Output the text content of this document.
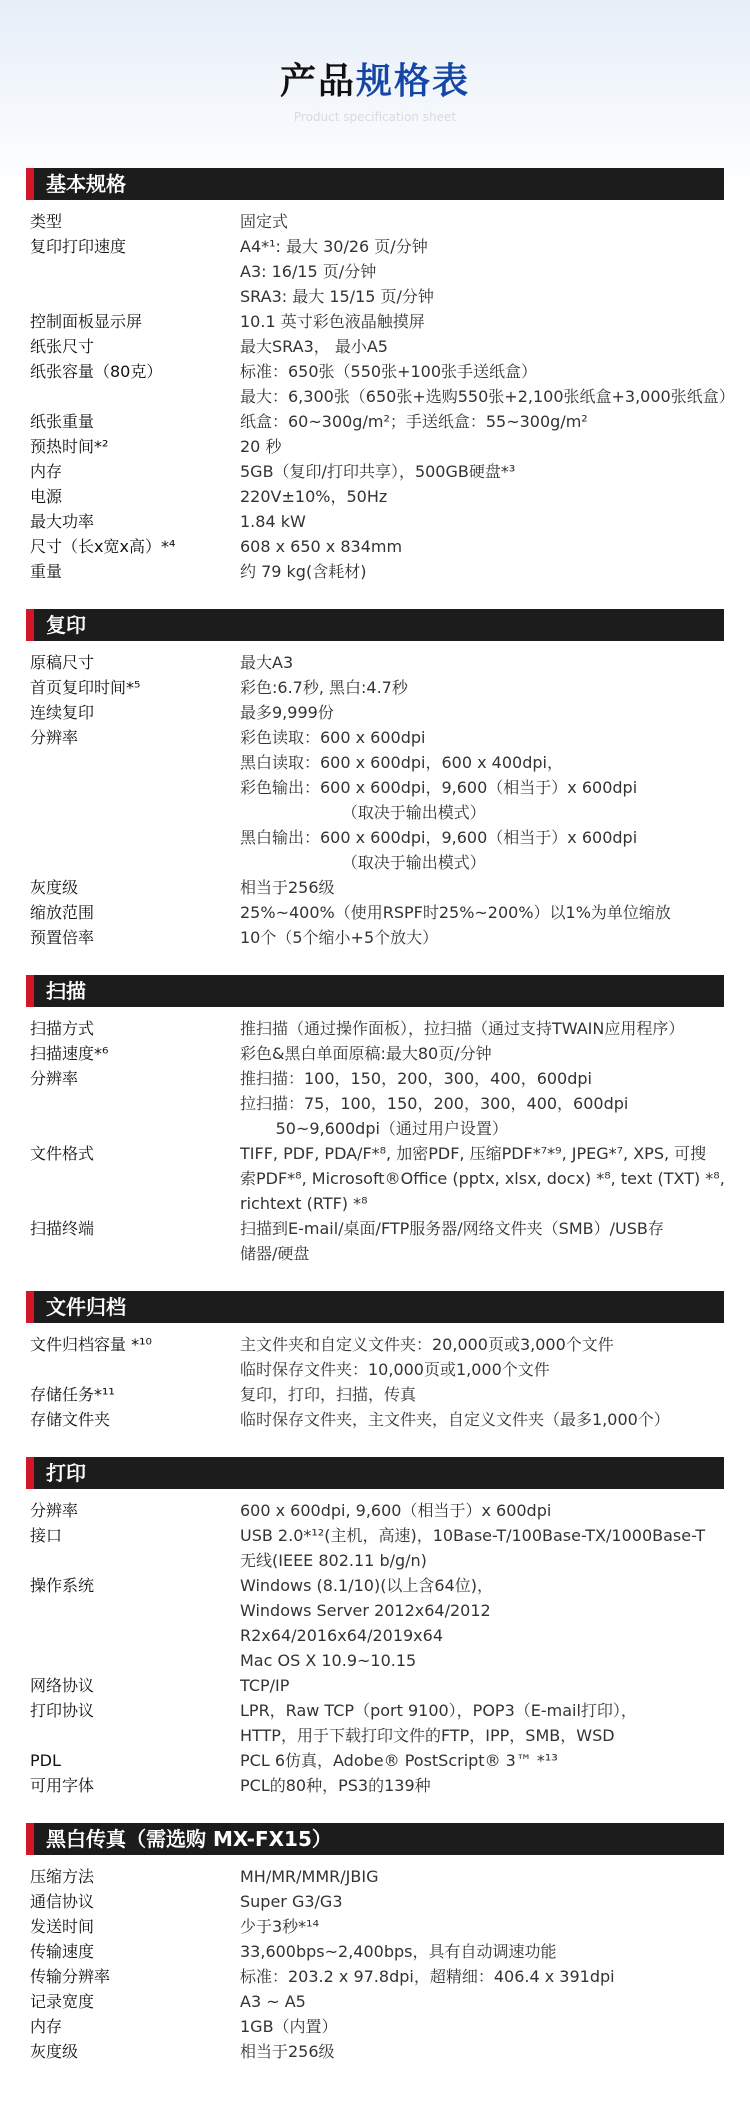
产品规格表
Product specification sheet
基本规格
类型	固定式
复印打印速度	A4*¹: 最大 30/26 页/分钟
A3: 16/15 页/分钟
SRA3: 最大 15/15 页/分钟
控制面板显示屏	10.1 英寸彩色液晶触摸屏
纸张尺寸	最大SRA3， 最小A5
纸张容量（80克）	标准：650张（550张+100张手送纸盒）
最大：6,300张（650张+选购550张+2,100张纸盒+3,000张纸盒）
纸张重量	纸盒：60~300g/m²；手送纸盒：55~300g/m²
预热时间*²	20 秒
内存	5GB（复印/打印共享），500GB硬盘*³
电源	220V±10%，50Hz
最大功率	1.84 kW
尺寸（长x宽x高）*⁴	608 x 650 x 834mm
重量	约 79 kg(含耗材)
复印
原稿尺寸	最大A3
首页复印时间*⁵	彩色:6.7秒, 黑白:4.7秒
连续复印	最多9,999份
分辨率	彩色读取：600 x 600dpi
黑白读取：600 x 600dpi，600 x 400dpi，
彩色输出：600 x 600dpi，9,600（相当于）x 600dpi
（取决于输出模式）
黑白输出：600 x 600dpi，9,600（相当于）x 600dpi
（取决于输出模式）
灰度级	相当于256级
缩放范围	25%~400%（使用RSPF时25%~200%）以1%为单位缩放
预置倍率	10个（5个缩小+5个放大）
扫描
扫描方式	推扫描（通过操作面板），拉扫描（通过支持TWAIN应用程序）
扫描速度*⁶	彩色&黑白单面原稿:最大80页/分钟
分辨率	推扫描：100，150，200，300，400，600dpi
拉扫描：75，100，150，200，300，400，600dpi
50~9,600dpi（通过用户设置）
文件格式	TIFF, PDF, PDA/F*⁸, 加密PDF, 压缩PDF*⁷*⁹, JPEG*⁷, XPS, 可搜
索PDF*⁸, Microsoft®Office (pptx, xlsx, docx) *⁸, text (TXT) *⁸,
richtext (RTF) *⁸
扫描终端	扫描到E-mail/桌面/FTP服务器/网络文件夹（SMB）/USB存
储器/硬盘
文件归档
文件归档容量 *¹⁰	主文件夹和自定义文件夹：20,000页或3,000个文件
临时保存文件夹：10,000页或1,000个文件
存储任务*¹¹	复印，打印，扫描，传真
存储文件夹	临时保存文件夹，主文件夹，自定义文件夹（最多1,000个）
打印
分辨率	600 x 600dpi, 9,600（相当于）x 600dpi
接口	USB 2.0*¹²(主机，高速)，10Base-T/100Base-TX/1000Base-T
无线(IEEE 802.11 b/g/n)
操作系统	Windows (8.1/10)(以上含64位)，
Windows Server 2012x64/2012
R2x64/2016x64/2019x64
Mac OS X 10.9~10.15
网络协议	TCP/IP
打印协议	LPR，Raw TCP（port 9100），POP3（E-mail打印），
HTTP，用于下载打印文件的FTP，IPP，SMB，WSD
PDL	PCL 6仿真，Adobe® PostScript® 3™ *¹³
可用字体	PCL的80种，PS3的139种
黑白传真（需选购 MX-FX15）
压缩方法	MH/MR/MMR/JBIG
通信协议	Super G3/G3
发送时间	少于3秒*¹⁴
传输速度	33,600bps~2,400bps，具有自动调速功能
传输分辨率	标准：203.2 x 97.8dpi，超精细：406.4 x 391dpi
记录宽度	A3 ~ A5
内存	1GB（内置）
灰度级	相当于256级
